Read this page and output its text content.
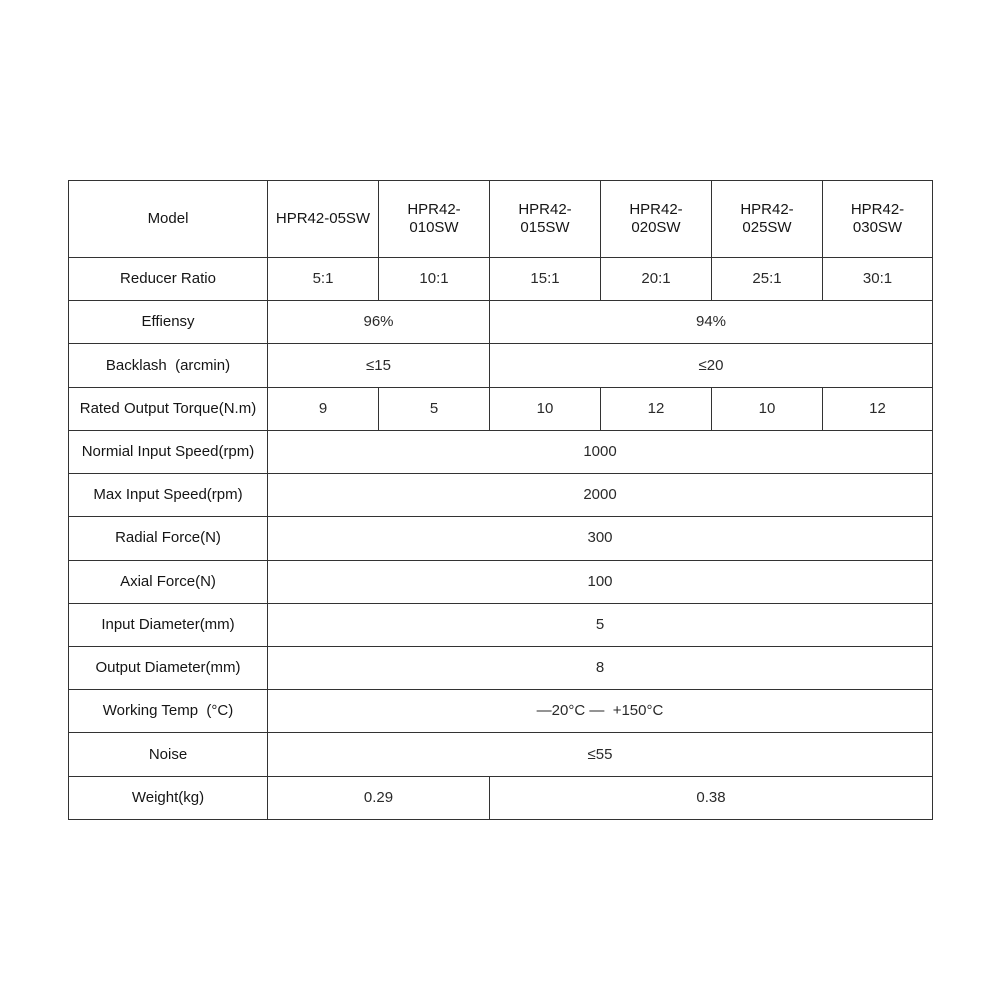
Model	HPR42-05SW	HPR42-010SW	HPR42-015SW	HPR42-020SW	HPR42-025SW	HPR42-030SW
Reducer Ratio	5:1	10:1	15:1	20:1	25:1	30:1
Effiensy	96%		94%			
Backlash  (arcmin)	≤15		≤20			
Rated Output Torque(N.m)	9	5	10	12	10	12
Normial Input Speed(rpm)	1000					
Max Input Speed(rpm)	2000					
Radial Force(N)	300					
Axial Force(N)	100					
Input Diameter(mm)	5					
Output Diameter(mm)	8					
Working Temp  (°C)	—20°C —  +150°C					
Noise	≤55					
Weight(kg)	0.29		0.38			
